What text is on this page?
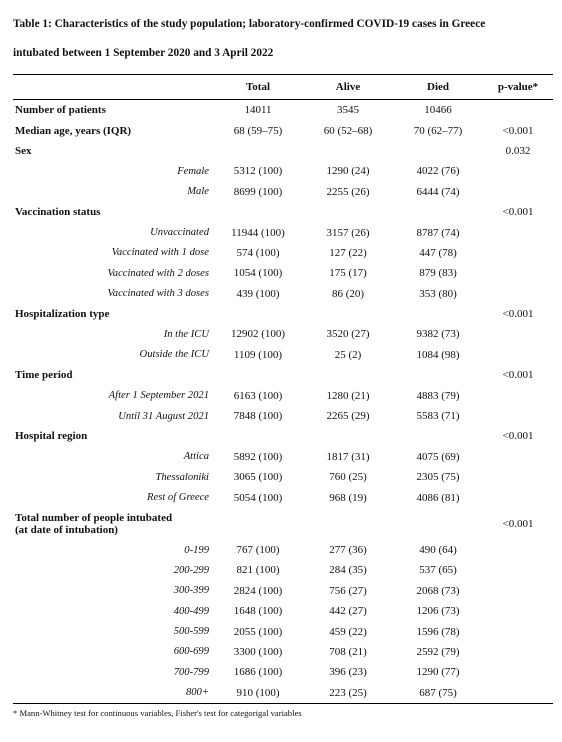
Table 1: Characteristics of the study population; laboratory-confirmed COVID-19 cases in Greece
intubated between 1 September 2020 and 3 April 2022
	Total	Alive	Died	p-value*
Number of patients	14011	3545	10466	
Median age, years (IQR)	68 (59–75)	60 (52–68)	70 (62–77)	<0.001
Sex				0.032
Female	5312 (100)	1290 (24)	4022 (76)	
Male	8699 (100)	2255 (26)	6444 (74)	
Vaccination status				<0.001
Unvaccinated	11944 (100)	3157 (26)	8787 (74)	
Vaccinated with 1 dose	574 (100)	127 (22)	447 (78)	
Vaccinated with 2 doses	1054 (100)	175 (17)	879 (83)	
Vaccinated with 3 doses	439 (100)	86 (20)	353 (80)	
Hospitalization type				<0.001
In the ICU	12902 (100)	3520 (27)	9382 (73)	
Outside the ICU	1109 (100)	25 (2)	1084 (98)	
Time period				<0.001
After 1 September 2021	6163 (100)	1280 (21)	4883 (79)	
Until 31 August 2021	7848 (100)	2265 (29)	5583 (71)	
Hospital region				<0.001
Attica	5892 (100)	1817 (31)	4075 (69)	
Thessaloniki	3065 (100)	760 (25)	2305 (75)	
Rest of Greece	5054 (100)	968 (19)	4086 (81)	

Total number of people intubated
(at date of intubation)				<0.001
0-199	767 (100)	277 (36)	490 (64)	
200-299	821 (100)	284 (35)	537 (65)	
300-399	2824 (100)	756 (27)	2068 (73)	
400-499	1648 (100)	442 (27)	1206 (73)	
500-599	2055 (100)	459 (22)	1596 (78)	
600-699	3300 (100)	708 (21)	2592 (79)	
700-799	1686 (100)	396 (23)	1290 (77)	
800+	910 (100)	223 (25)	687 (75)	
* Mann-Whitney test for continuous variables, Fisher's test for categorigal variables
